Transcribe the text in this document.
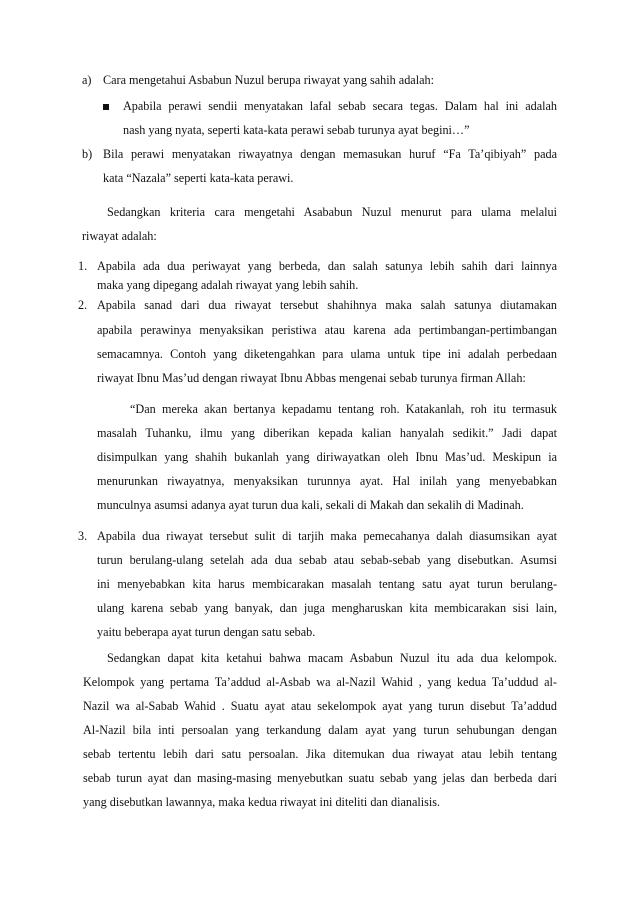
a) Cara mengetahui Asbabun Nuzul berupa riwayat yang sahih adalah:
Apabila perawi sendii menyatakan lafal sebab secara tegas. Dalam hal ini adalah
nash yang nyata, seperti kata-kata perawi sebab turunya ayat begini…”
b) Bila perawi menyatakan riwayatnya dengan memasukan huruf “Fa Ta’qibiyah” pada
kata “Nazala” seperti kata-kata perawi.
Sedangkan kriteria cara mengetahi Asababun Nuzul menurut para ulama melalui
riwayat adalah:
1. Apabila ada dua periwayat yang berbeda, dan salah satunya lebih sahih dari lainnya
maka yang dipegang adalah riwayat yang lebih sahih.
2. Apabila sanad dari dua riwayat tersebut shahihnya maka salah satunya diutamakan
apabila perawinya menyaksikan peristiwa atau karena ada pertimbangan-pertimbangan
semacamnya. Contoh yang diketengahkan para ulama untuk tipe ini adalah perbedaan
riwayat Ibnu Mas’ud dengan riwayat Ibnu Abbas mengenai sebab turunya firman Allah:
“Dan mereka akan bertanya kepadamu tentang roh. Katakanlah, roh itu termasuk
masalah Tuhanku, ilmu yang diberikan kepada kalian hanyalah sedikit.” Jadi dapat
disimpulkan yang shahih bukanlah yang diriwayatkan oleh Ibnu Mas’ud. Meskipun ia
menurunkan riwayatnya, menyaksikan turunnya ayat. Hal inilah yang menyebabkan
munculnya asumsi adanya ayat turun dua kali, sekali di Makah dan sekalih di Madinah.
3. Apabila dua riwayat tersebut sulit di tarjih maka pemecahanya dalah diasumsikan ayat
turun berulang-ulang setelah ada dua sebab atau sebab-sebab yang disebutkan. Asumsi
ini menyebabkan kita harus membicarakan masalah tentang satu ayat turun berulang-
ulang karena sebab yang banyak, dan juga mengharuskan kita membicarakan sisi lain,
yaitu beberapa ayat turun dengan satu sebab.
Sedangkan dapat kita ketahui bahwa macam Asbabun Nuzul itu ada dua kelompok.
Kelompok yang pertama Ta’addud al-Asbab wa al-Nazil Wahid , yang kedua Ta’uddud al-
Nazil wa al-Sabab Wahid . Suatu ayat atau sekelompok ayat yang turun disebut Ta’addud
Al-Nazil bila inti persoalan yang terkandung dalam ayat yang turun sehubungan dengan
sebab tertentu lebih dari satu persoalan. Jika ditemukan dua riwayat atau lebih tentang
sebab turun ayat dan masing-masing menyebutkan suatu sebab yang jelas dan berbeda dari
yang disebutkan lawannya, maka kedua riwayat ini diteliti dan dianalisis.
